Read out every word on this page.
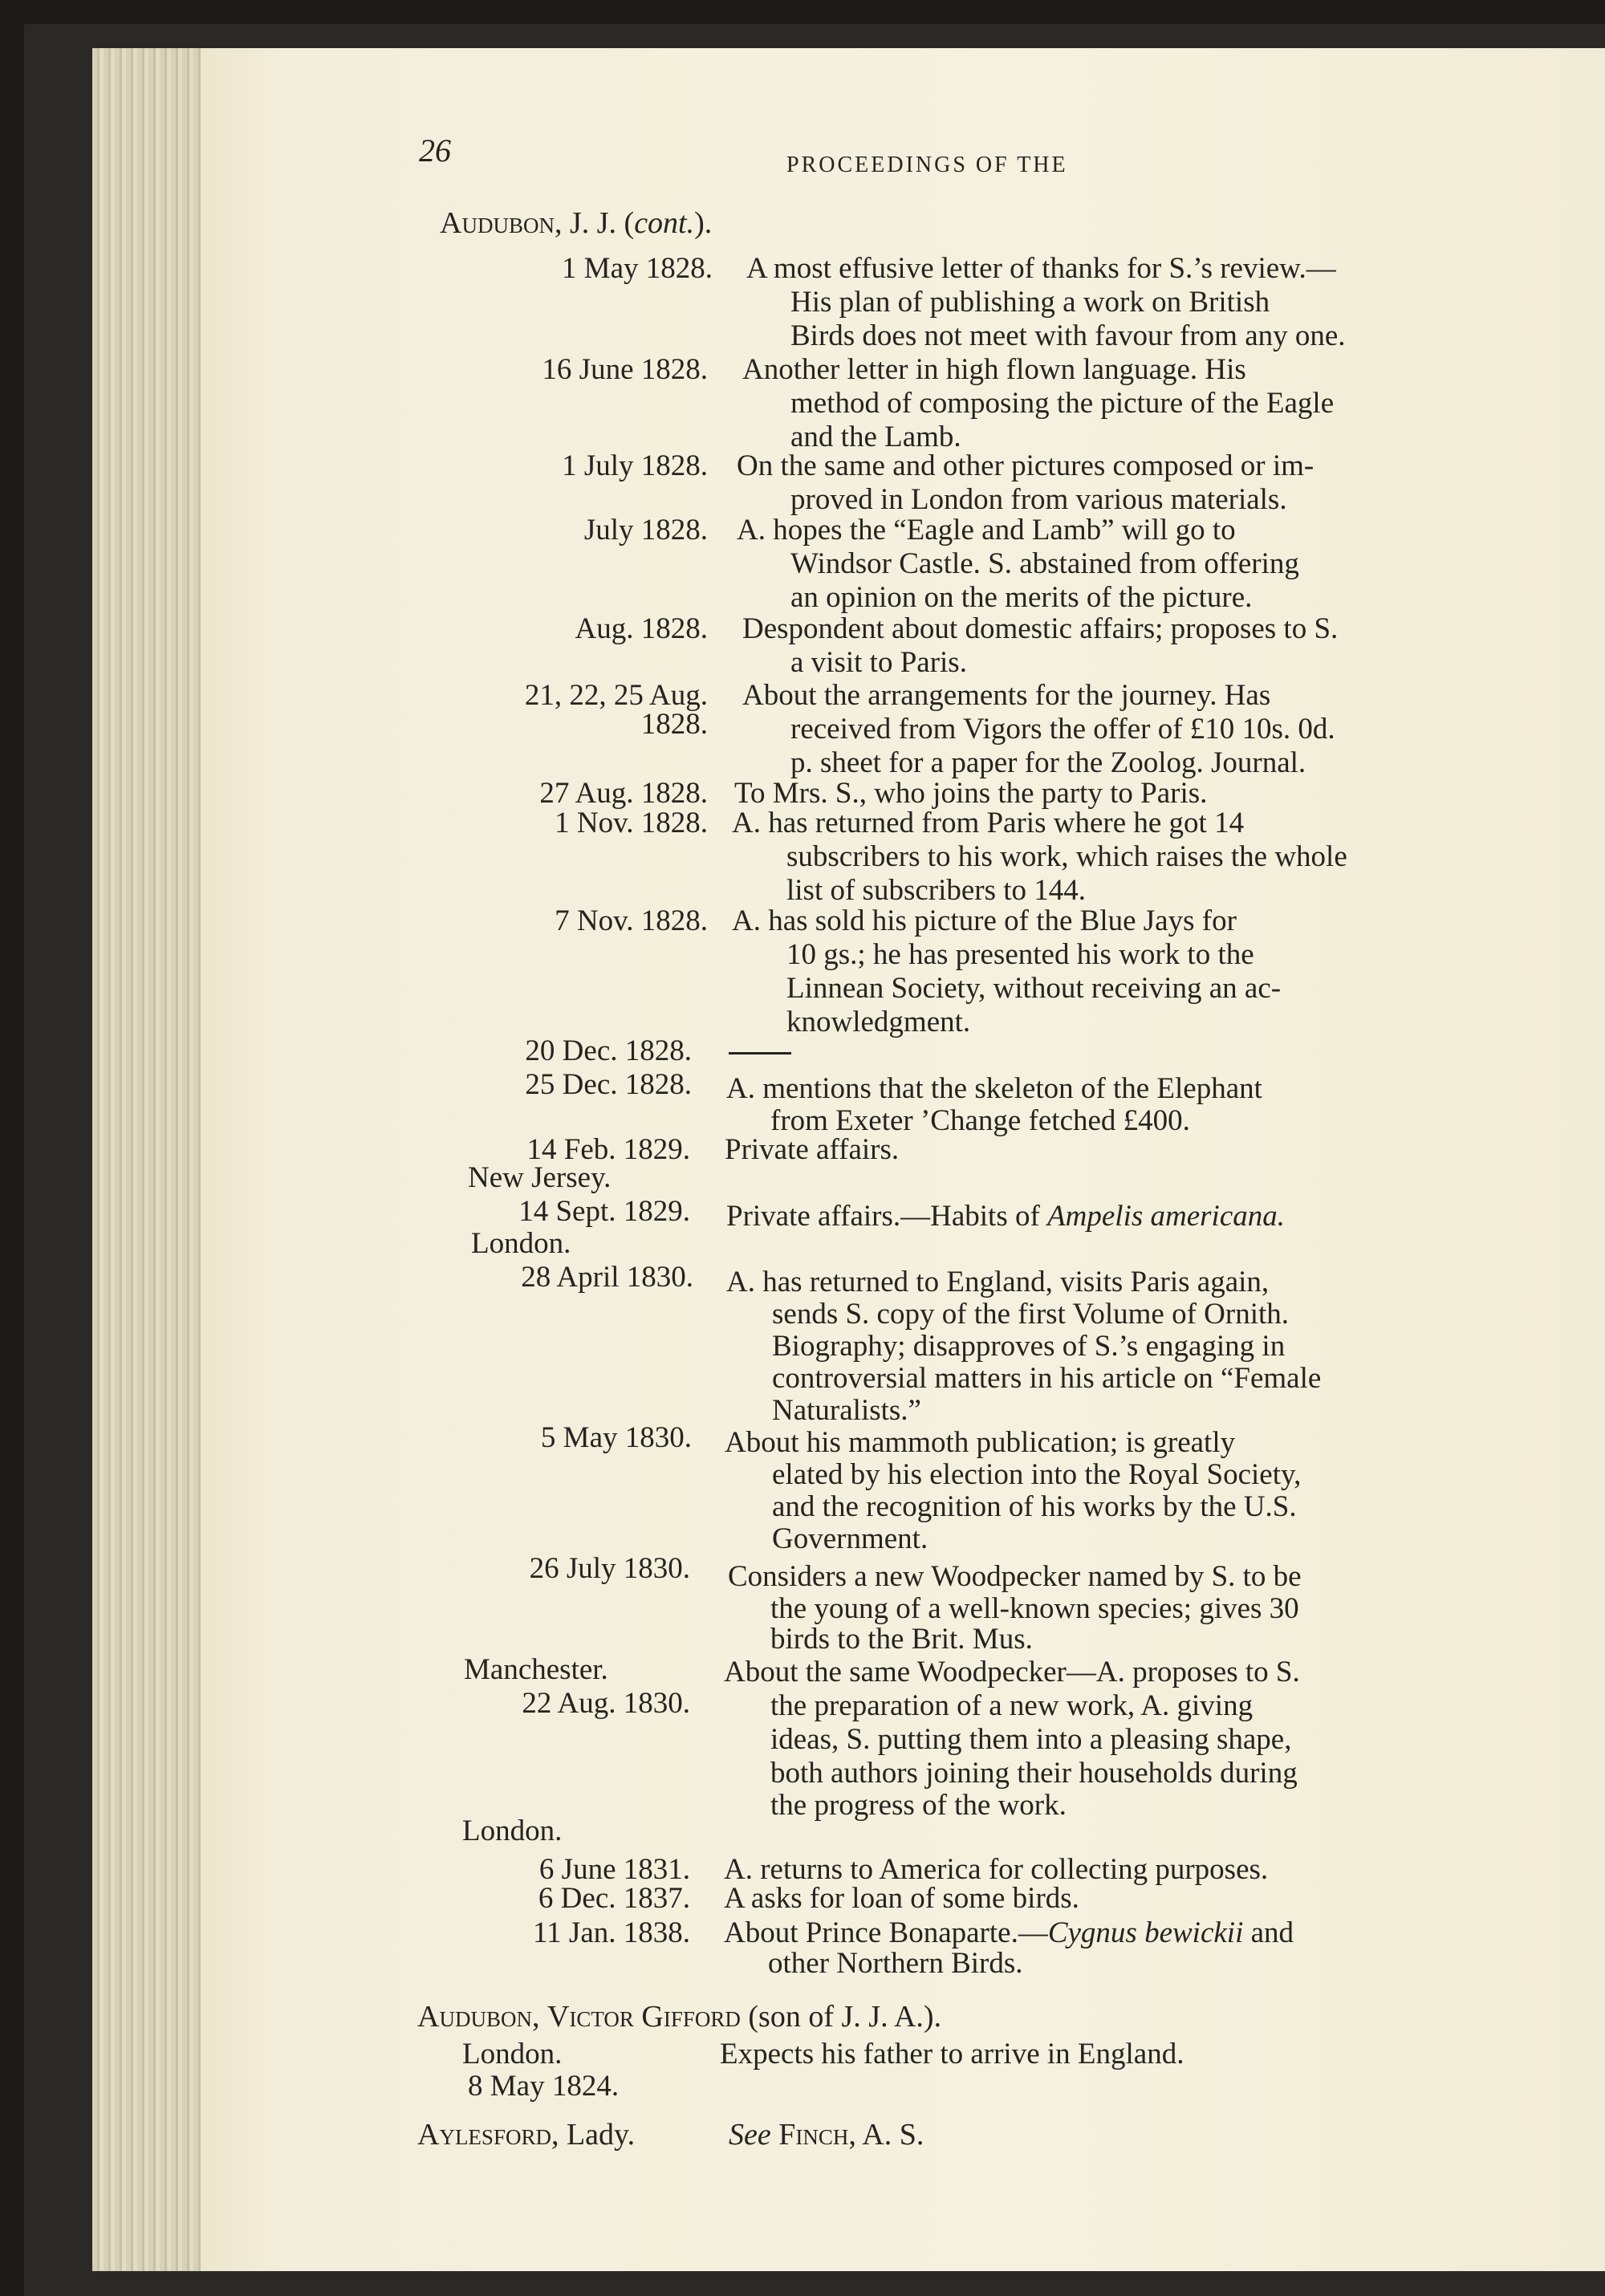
26	PROCEEDINGS OF THE
Audubon, J. J. (cont.).
1 May 1828. A most effusive letter of thanks for S.’s review.—
His plan of publishing a work on British
Birds does not meet with favour from any one.
16 June 1828. Another letter in high flown language. His
method of composing the picture of the Eagle
and the Lamb.
1 July 1828. On the same and other pictures composed or im-
proved in London from various materials.
July 1828. A. hopes the “Eagle and Lamb” will go to
Windsor Castle. S. abstained from offering
an opinion on the merits of the picture.
Aug. 1828. Despondent about domestic affairs; proposes to S.
a visit to Paris.
21, 22, 25 Aug.
1828.
About the arrangements for the journey. Has
received from Vigors the offer of £10 10s. 0d.
p. sheet for a paper for the Zoolog. Journal.
27 Aug. 1828. To Mrs. S., who joins the party to Paris.
1 Nov. 1828. A. has returned from Paris where he got 14
subscribers to his work, which raises the whole
list of subscribers to 144.
7 Nov. 1828. A. has sold his picture of the Blue Jays for
10 gs.; he has presented his work to the
Linnean Society, without receiving an ac-
knowledgment.
20 Dec. 1828.
25 Dec. 1828. A. mentions that the skeleton of the Elephant
from Exeter ’Change fetched £400.
14 Feb. 1829. Private affairs.
New Jersey.
14 Sept. 1829. Private affairs.—Habits of Ampelis americana.
London.
28 April 1830. A. has returned to England, visits Paris again,
sends S. copy of the first Volume of Ornith.
Biography; disapproves of S.’s engaging in
controversial matters in his article on “Female
Naturalists.”
5 May 1830. About his mammoth publication; is greatly
elated by his election into the Royal Society,
and the recognition of his works by the U.S.
Government.
26 July 1830. Considers a new Woodpecker named by S. to be
the young of a well-known species; gives 30
birds to the Brit. Mus.
Manchester.
22 Aug. 1830.
About the same Woodpecker—A. proposes to S.
the preparation of a new work, A. giving
ideas, S. putting them into a pleasing shape,
both authors joining their households during
the progress of the work.
London.
6 June 1831. A. returns to America for collecting purposes.
6 Dec. 1837. A asks for loan of some birds.
11 Jan. 1838. About Prince Bonaparte.—Cygnus bewickii and
other Northern Birds.
Audubon, Victor Gifford (son of J. J. A.).
London.
8 May 1824.
Expects his father to arrive in England.
Aylesford, Lady.	See Finch, A. S.
